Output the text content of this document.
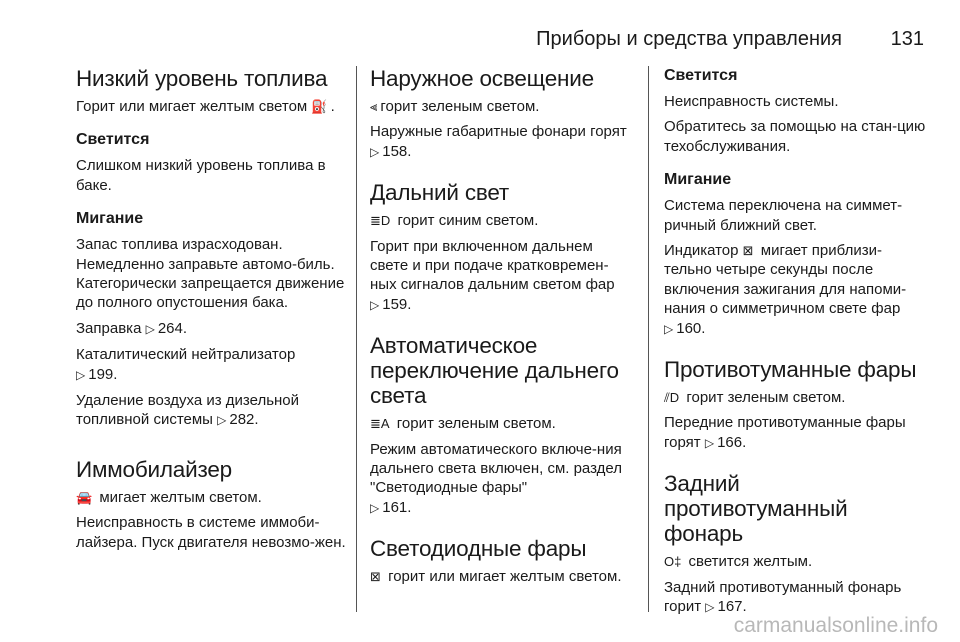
Приборы и средства управления 131
Низкий уровень топлива

Горит или мигает желтым светом ⛽ .

Светится

Слишком низкий уровень топлива в баке.

Мигание

Запас топлива израсходован. Немедленно заправьте автомо-биль. Категорически запрещается движение до полного опустошения бака.

Заправка ▷ 264.

Каталитический нейтрализатор
▷ 199.

Удаление воздуха из дизельной топливной системы ▷ 282.

Иммобилайзер

🚘 мигает желтым светом.

Неисправность в системе иммоби-лайзера. Пуск двигателя невозмо-жен.

Наружное освещение

⫷ горит зеленым светом.

Наружные габаритные фонари горят ▷ 158.

Дальний свет

≣D горит синим светом.

Горит при включенном дальнем свете и при подаче кратковремен-ных сигналов дальним светом фар
▷ 159.

Автоматическое переключение дальнего света

≣A горит зеленым светом.

Режим автоматического включе-ния дальнего света включен, см. раздел "Светодиодные фары"
▷ 161.

Светодиодные фары

⊠ горит или мигает желтым светом.

Светится

Неисправность системы.

Обратитесь за помощью на стан-цию техобслуживания.

Мигание

Система переключена на симмет-ричный ближний свет.

Индикатор ⊠ мигает приблизи-тельно четыре секунды после включения зажигания для напоми-нания о симметричном свете фар
▷ 160.

Противотуманные фары

⫽D горит зеленым светом.

Передние противотуманные фары горят ▷ 166.

Задний противотуманный фонарь

O‡ светится желтым.

Задний противотуманный фонарь горит ▷ 167.

carmanualsonline.info
